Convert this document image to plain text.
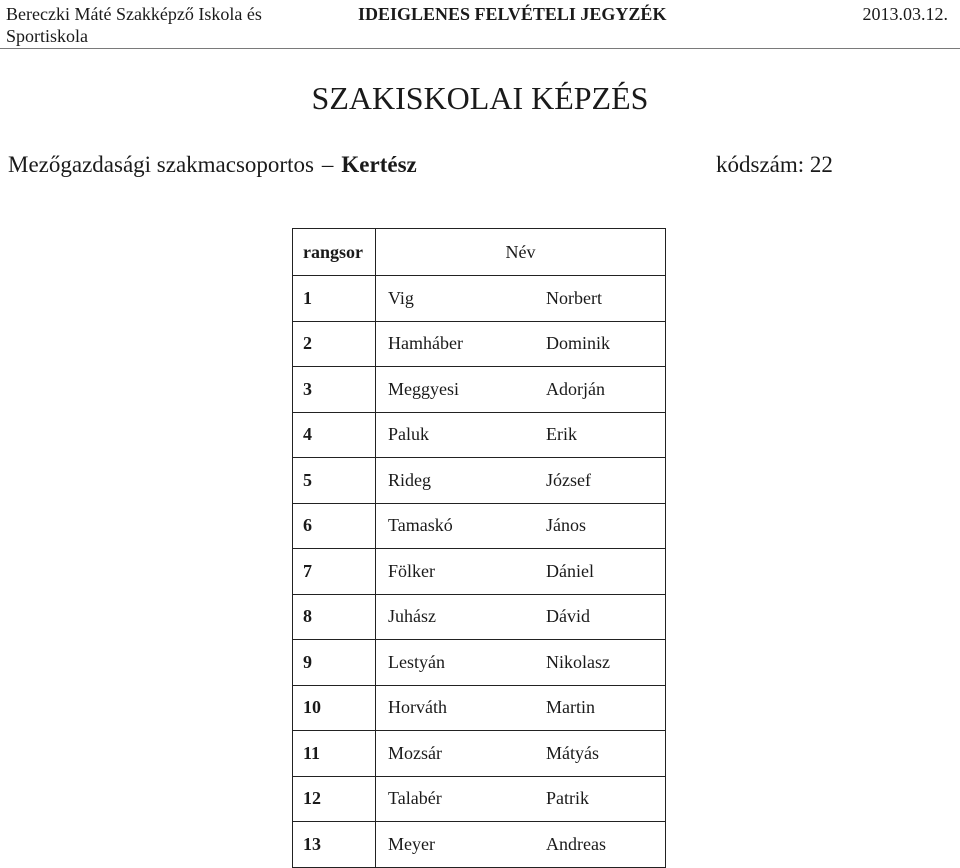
Bereczki Máté Szakképző Iskola és Sportiskola
IDEIGLENES FELVÉTELI JEGYZÉK	2013.03.12.
SZAKISKOLAI KÉPZÉS
Mezőgazdasági szakmacsoportos – Kertész	kódszám: 22
rangsor	Név
1	Vig Norbert
2	Hamháber Dominik
3	Meggyesi Adorján
4	Paluk Erik
5	Rideg József
6	Tamaskó János
7	Fölker Dániel
8	Juhász Dávid
9	Lestyán Nikolasz
10	Horváth Martin
11	Mozsár Mátyás
12	Talabér Patrik
13	Meyer Andreas
